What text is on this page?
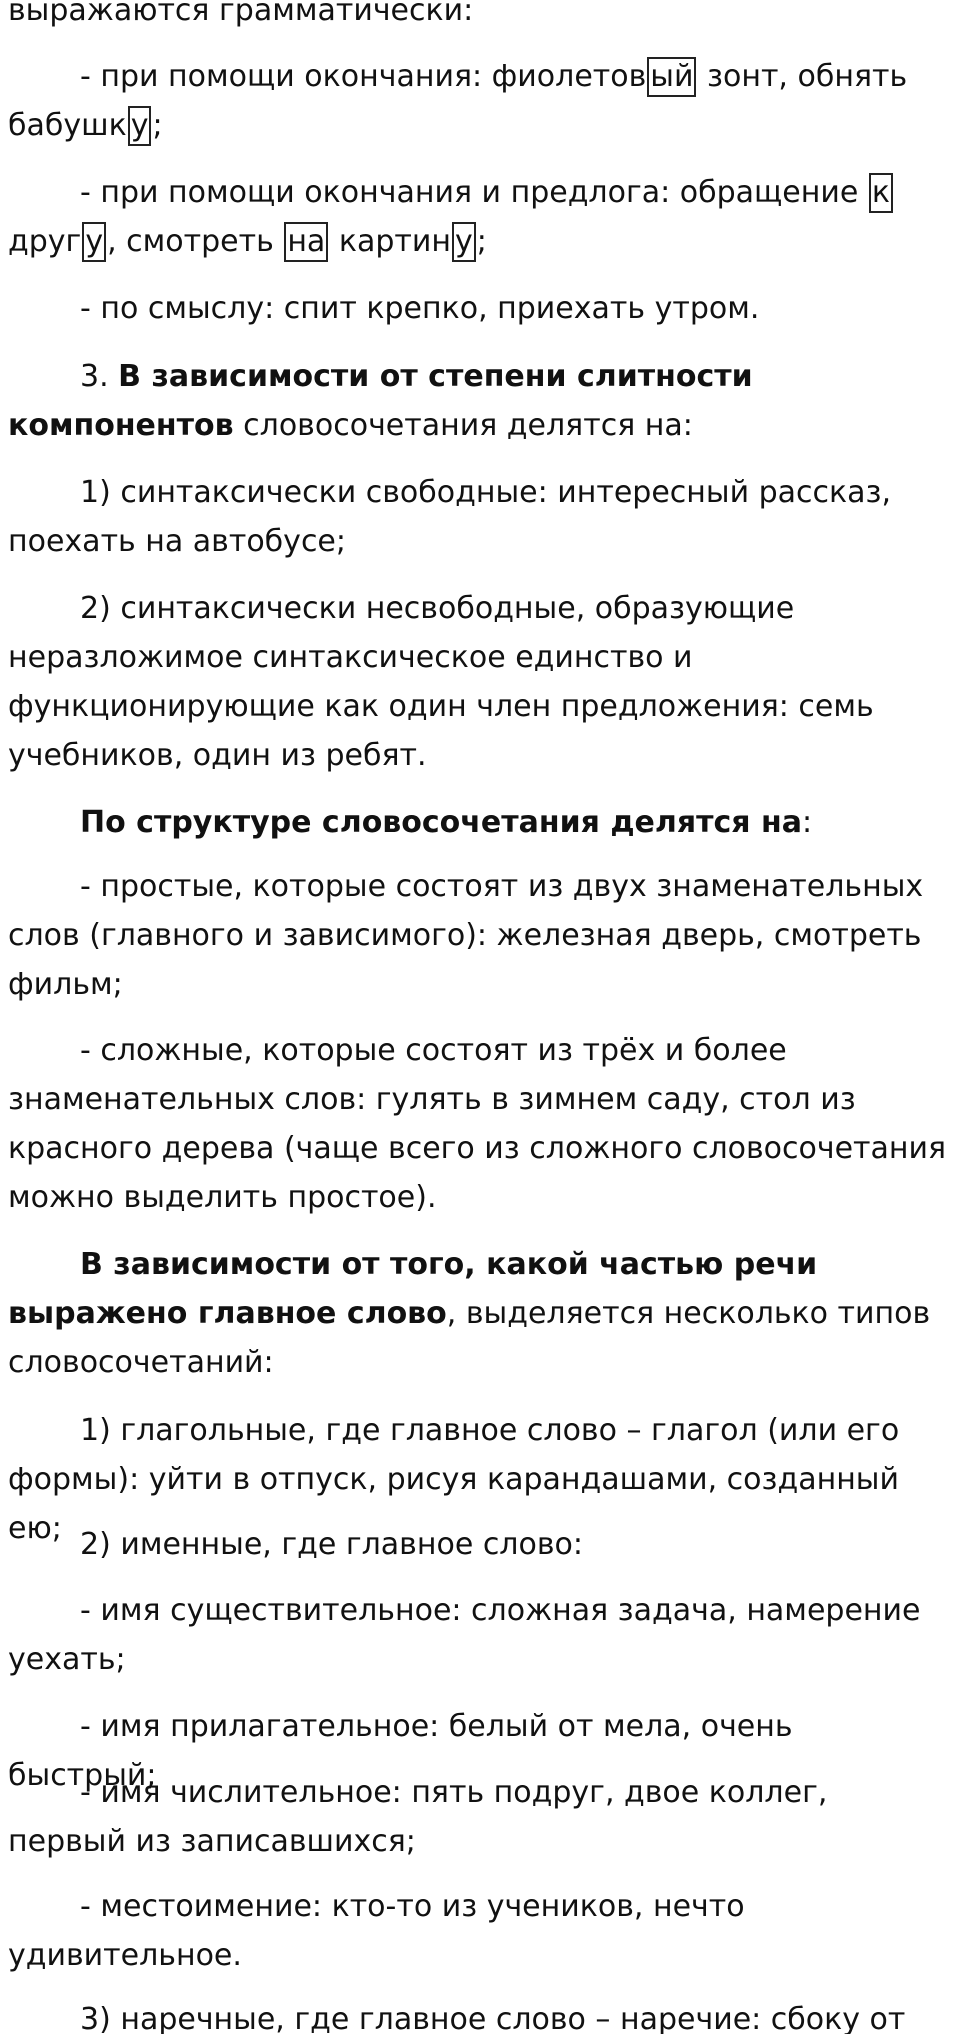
выражаются грамматически:

- при помощи окончания: фиолетов ый зонт, обнять бабушк у ;

- при помощи окончания и предлога: обращение к друг у , смотреть на картин у ;

- по смыслу: спит крепко, приехать утром.

3. В зависимости от степени слитности компонентов словосочетания делятся на:

1) синтаксически свободные: интересный рассказ, поехать на автобусе;

2) синтаксически несвободные, образующие неразложимое синтаксическое единство и функционирующие как один член предложения: семь учебников, один из ребят.

По структуре словосочетания делятся на:

- простые, которые состоят из двух знаменательных слов (главного и зависимого): железная дверь, смотреть фильм;

- сложные, которые состоят из трёх и более знаменательных слов: гулять в зимнем саду, стол из красного дерева (чаще всего из сложного словосочетания можно выделить простое).

В зависимости от того, какой частью речи выражено главное слово, выделяется несколько типов словосочетаний:

1) глагольные, где главное слово – глагол (или его формы): уйти в отпуск, рисуя карандашами, созданный ею; 2) именные, где главное слово:

- имя существительное: сложная задача, намерение уехать;

- имя прилагательное: белый от мела, очень быстрый;

- имя числительное: пять подруг, двое коллег, первый из записавшихся;

- местоимение: кто-то из учеников, нечто удивительное.

3) наречные, где главное слово – наречие: сбоку от
